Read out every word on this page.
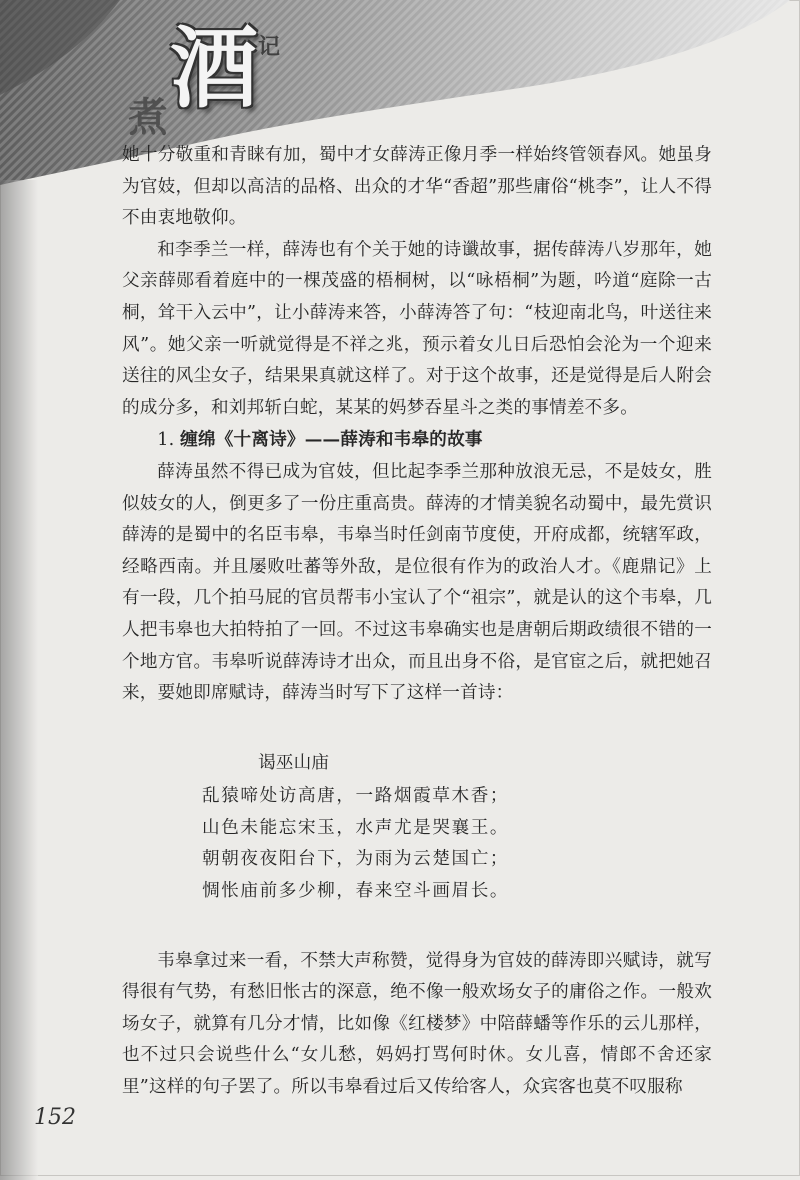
煮 酒 记

她十分敬重和青睐有加，蜀中才女薛涛正像月季一样始终管领春风。她虽身为官妓，但却以高洁的品格、出众的才华“香超”那些庸俗“桃李”，让人不得不由衷地敬仰。

和李季兰一样，薛涛也有个关于她的诗谶故事，据传薛涛八岁那年，她父亲薛郧看着庭中的一棵茂盛的梧桐树，以“咏梧桐”为题，吟道“庭除一古桐，耸干入云中”，让小薛涛来答，小薛涛答了句：“枝迎南北鸟，叶送往来风”。她父亲一听就觉得是不祥之兆，预示着女儿日后恐怕会沦为一个迎来送往的风尘女子，结果果真就这样了。对于这个故事，还是觉得是后人附会的成分多，和刘邦斩白蛇，某某的妈梦吞星斗之类的事情差不多。

1. 缠绵《十离诗》——薛涛和韦皋的故事

薛涛虽然不得已成为官妓，但比起李季兰那种放浪无忌，不是妓女，胜似妓女的人，倒更多了一份庄重高贵。薛涛的才情美貌名动蜀中，最先赏识薛涛的是蜀中的名臣韦皋，韦皋当时任剑南节度使，开府成都，统辖军政，经略西南。并且屡败吐蕃等外敌，是位很有作为的政治人才。《鹿鼎记》上有一段，几个拍马屁的官员帮韦小宝认了个“祖宗”，就是认的这个韦皋，几人把韦皋也大拍特拍了一回。不过这韦皋确实也是唐朝后期政绩很不错的一个地方官。韦皋听说薛涛诗才出众，而且出身不俗，是官宦之后，就把她召来，要她即席赋诗，薛涛当时写下了这样一首诗：

谒巫山庙
乱猿啼处访高唐，一路烟霞草木香；
山色未能忘宋玉，水声尤是哭襄王。
朝朝夜夜阳台下，为雨为云楚国亡；
惆怅庙前多少柳，春来空斗画眉长。

韦皋拿过来一看，不禁大声称赞，觉得身为官妓的薛涛即兴赋诗，就写得很有气势，有愁旧怅古的深意，绝不像一般欢场女子的庸俗之作。一般欢场女子，就算有几分才情，比如像《红楼梦》中陪薛蟠等作乐的云儿那样，也不过只会说些什么“女儿愁，妈妈打骂何时休。女儿喜，情郎不舍还家里”这样的句子罢了。所以韦皋看过后又传给客人，众宾客也莫不叹服称

152
